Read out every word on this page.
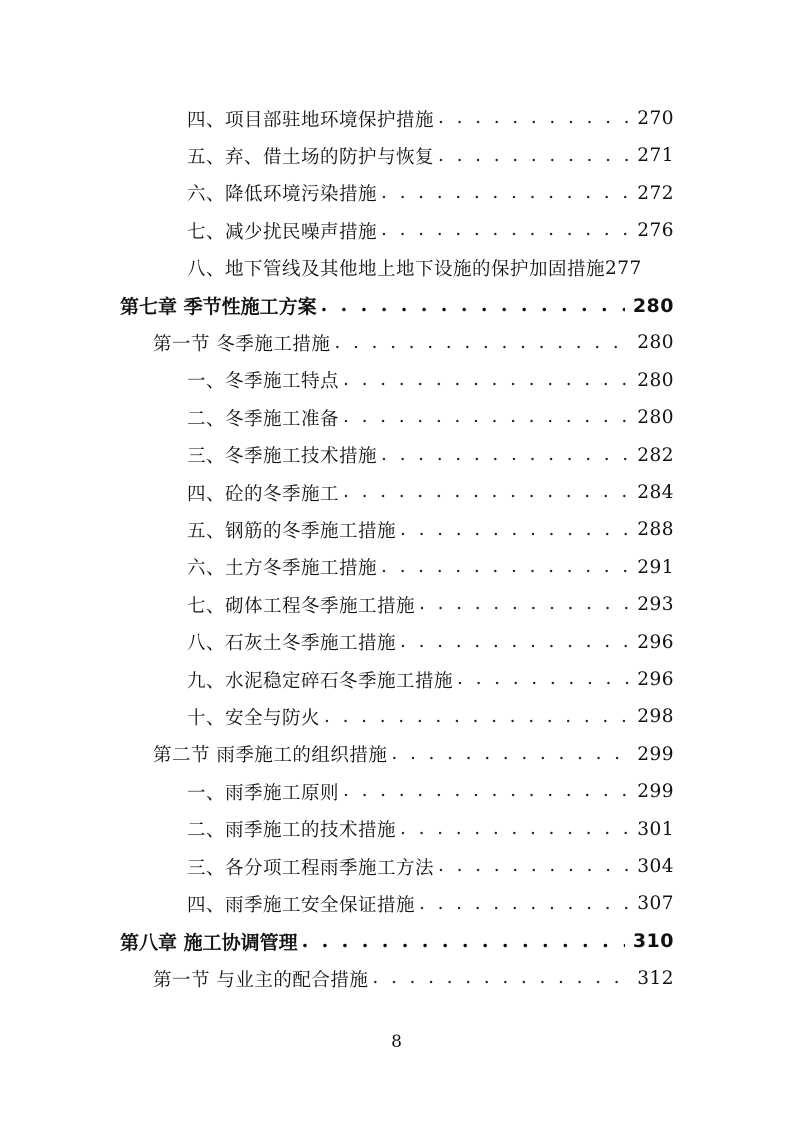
四、项目部驻地环境保护措施 . . .	270
五、弃、借土场的防护与恢复 . . .	271
六、降低环境污染措施 . . .	272
七、减少扰民噪声措施 . . .	276
八、地下管线及其他地上地下设施的保护加固措施 277
第七章 季节性施工方案 . . .	280
第一节 冬季施工措施 . . .	280
一、冬季施工特点 . . .	280
二、冬季施工准备 . . .	280
三、冬季施工技术措施 . . .	282
四、砼的冬季施工 . . .	284
五、钢筋的冬季施工措施 . . .	288
六、土方冬季施工措施 . . .	291
七、砌体工程冬季施工措施 . . .	293
八、石灰土冬季施工措施 . . .	296
九、水泥稳定碎石冬季施工措施 . . .	296
十、安全与防火 . . .	298
第二节 雨季施工的组织措施 . . .	299
一、雨季施工原则 . . .	299
二、雨季施工的技术措施 . . .	301
三、各分项工程雨季施工方法 . . .	304
四、雨季施工安全保证措施 . . .	307
第八章 施工协调管理 . . .	310
第一节 与业主的配合措施 . . .	312
8
